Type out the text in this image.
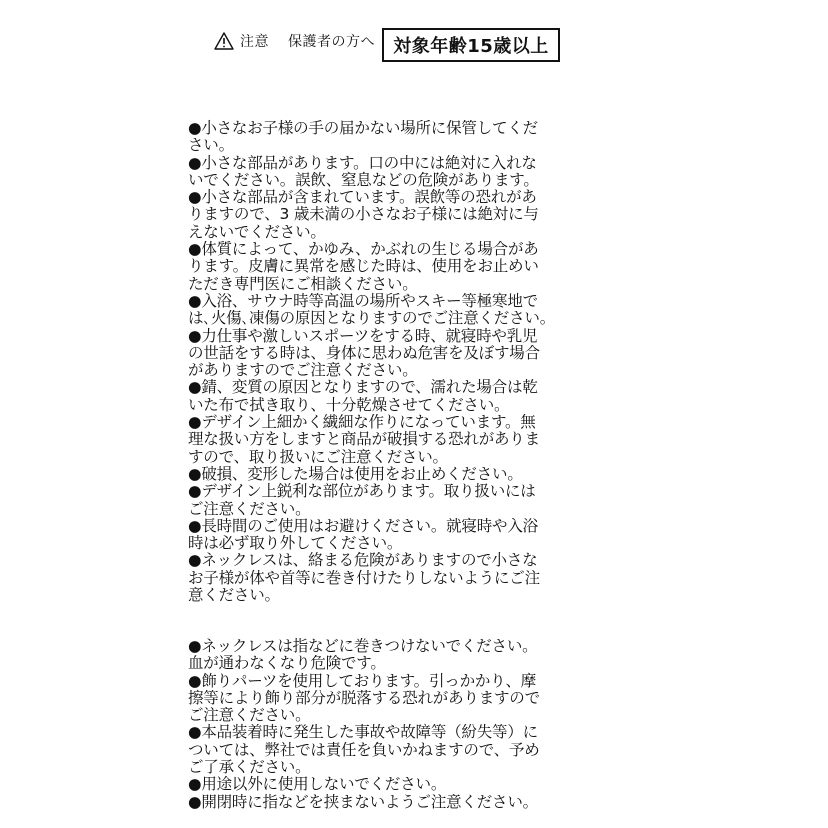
注意 保護者の方へ	対象年齢15歳以上
●小さなお子様の手の届かない場所に保管してくだ
さい。
●小さな部品があります。口の中には絶対に入れな
いでください。誤飲、窒息などの危険があります。
●小さな部品が含まれています。誤飲等の恐れがあ
りますので、3 歳未満の小さなお子様には絶対に与
えないでください。
●体質によって、かゆみ、かぶれの生じる場合があ
ります。皮膚に異常を感じた時は、使用をお止めい
ただき専門医にご相談ください。
●入浴、サウナ時等高温の場所やスキー等極寒地で
は､火傷､凍傷の原因となりますのでご注意ください。
●力仕事や激しいスポーツをする時、就寝時や乳児
の世話をする時は、身体に思わぬ危害を及ぼす場合
がありますのでご注意ください。
●錆、変質の原因となりますので、濡れた場合は乾
いた布で拭き取り、十分乾燥させてください。
●デザイン上細かく繊細な作りになっています。無
理な扱い方をしますと商品が破損する恐れがありま
すので、取り扱いにご注意ください。
●破損、変形した場合は使用をお止めください。
●デザイン上鋭利な部位があります。取り扱いには
ご注意ください。
●長時間のご使用はお避けください。就寝時や入浴
時は必ず取り外してください。
●ネックレスは、絡まる危険がありますので小さな
お子様が体や首等に巻き付けたりしないようにご注
意ください。
●ネックレスは指などに巻きつけないでください。
血が通わなくなり危険です。
●飾りパーツを使用しております。引っかかり、摩
擦等により飾り部分が脱落する恐れがありますので
ご注意ください。
●本品装着時に発生した事故や故障等（紛失等）に
ついては、弊社では責任を負いかねますので、予め
ご了承ください。
●用途以外に使用しないでください。
●開閉時に指などを挟まないようご注意ください。
